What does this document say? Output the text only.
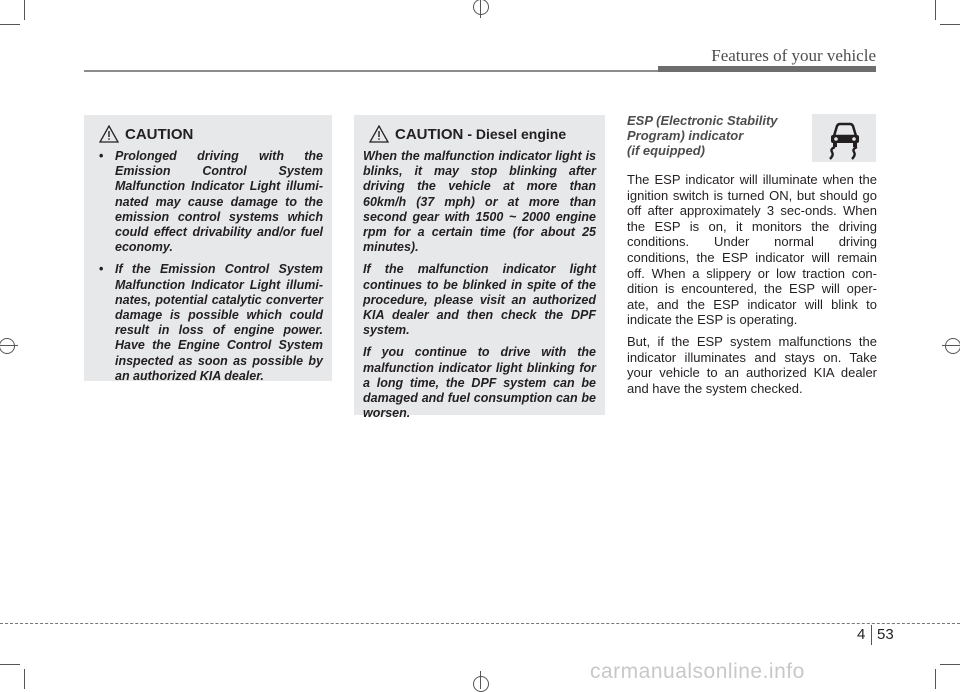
Features of your vehicle
CAUTION
• Prolonged driving with the Emission Control System Malfunction Indicator Light illumi-nated may cause damage to the emission control systems which could effect drivability and/or fuel economy.
• If the Emission Control System Malfunction Indicator Light illumi-nates, potential catalytic converter damage is possible which could result in loss of engine power. Have the Engine Control System inspected as soon as possible by an authorized KIA dealer.
CAUTION - Diesel engine

When the malfunction indicator light is blinks, it may stop blinking after driving the vehicle at more than 60km/h (37 mph) or at more than second gear with 1500 ~ 2000 engine rpm for a certain time (for about 25 minutes).

If the malfunction indicator light continues to be blinked in spite of the procedure, please visit an authorized KIA dealer and then check the DPF system.

If you continue to drive with the malfunction indicator light blinking for a long time, the DPF system can be damaged and fuel consumption can be worsen.

ESP (Electronic Stability
Program) indicator
(if equipped)

The ESP indicator will illuminate when the ignition switch is turned ON, but should go off after approximately 3 sec-onds. When the ESP is on, it monitors the driving conditions. Under normal driving conditions, the ESP indicator will remain off. When a slippery or low traction con-dition is encountered, the ESP will oper-ate, and the ESP indicator will blink to indicate the ESP is operating.

But, if the ESP system malfunctions the indicator illuminates and stays on. Take your vehicle to an authorized KIA dealer and have the system checked.

4 53
carmanualsonline.info
